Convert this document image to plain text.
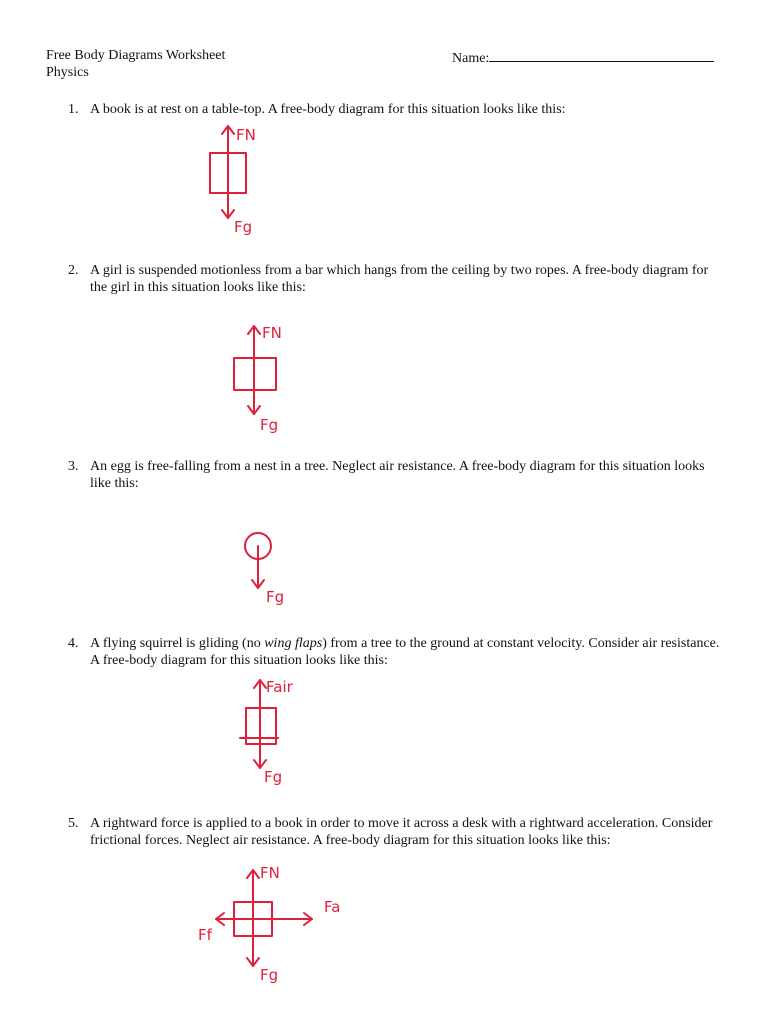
Free Body Diagrams Worksheet
Physics
Name:
1. A book is at rest on a table-top. A free-body diagram for this situation looks like this:
FN
Fg
2. A girl is suspended motionless from a bar which hangs from the ceiling by two ropes. A free-body diagram for the girl in this situation looks like this:
FN
Fg
3. An egg is free-falling from a nest in a tree. Neglect air resistance. A free-body diagram for this situation looks like this:
Fg
4. A flying squirrel is gliding (no wing flaps) from a tree to the ground at constant velocity. Consider air resistance. A free-body diagram for this situation looks like this:
Fair
Fg
5. A rightward force is applied to a book in order to move it across a desk with a rightward acceleration. Consider frictional forces. Neglect air resistance. A free-body diagram for this situation looks like this:
FN
Fg
Fa
Ff
